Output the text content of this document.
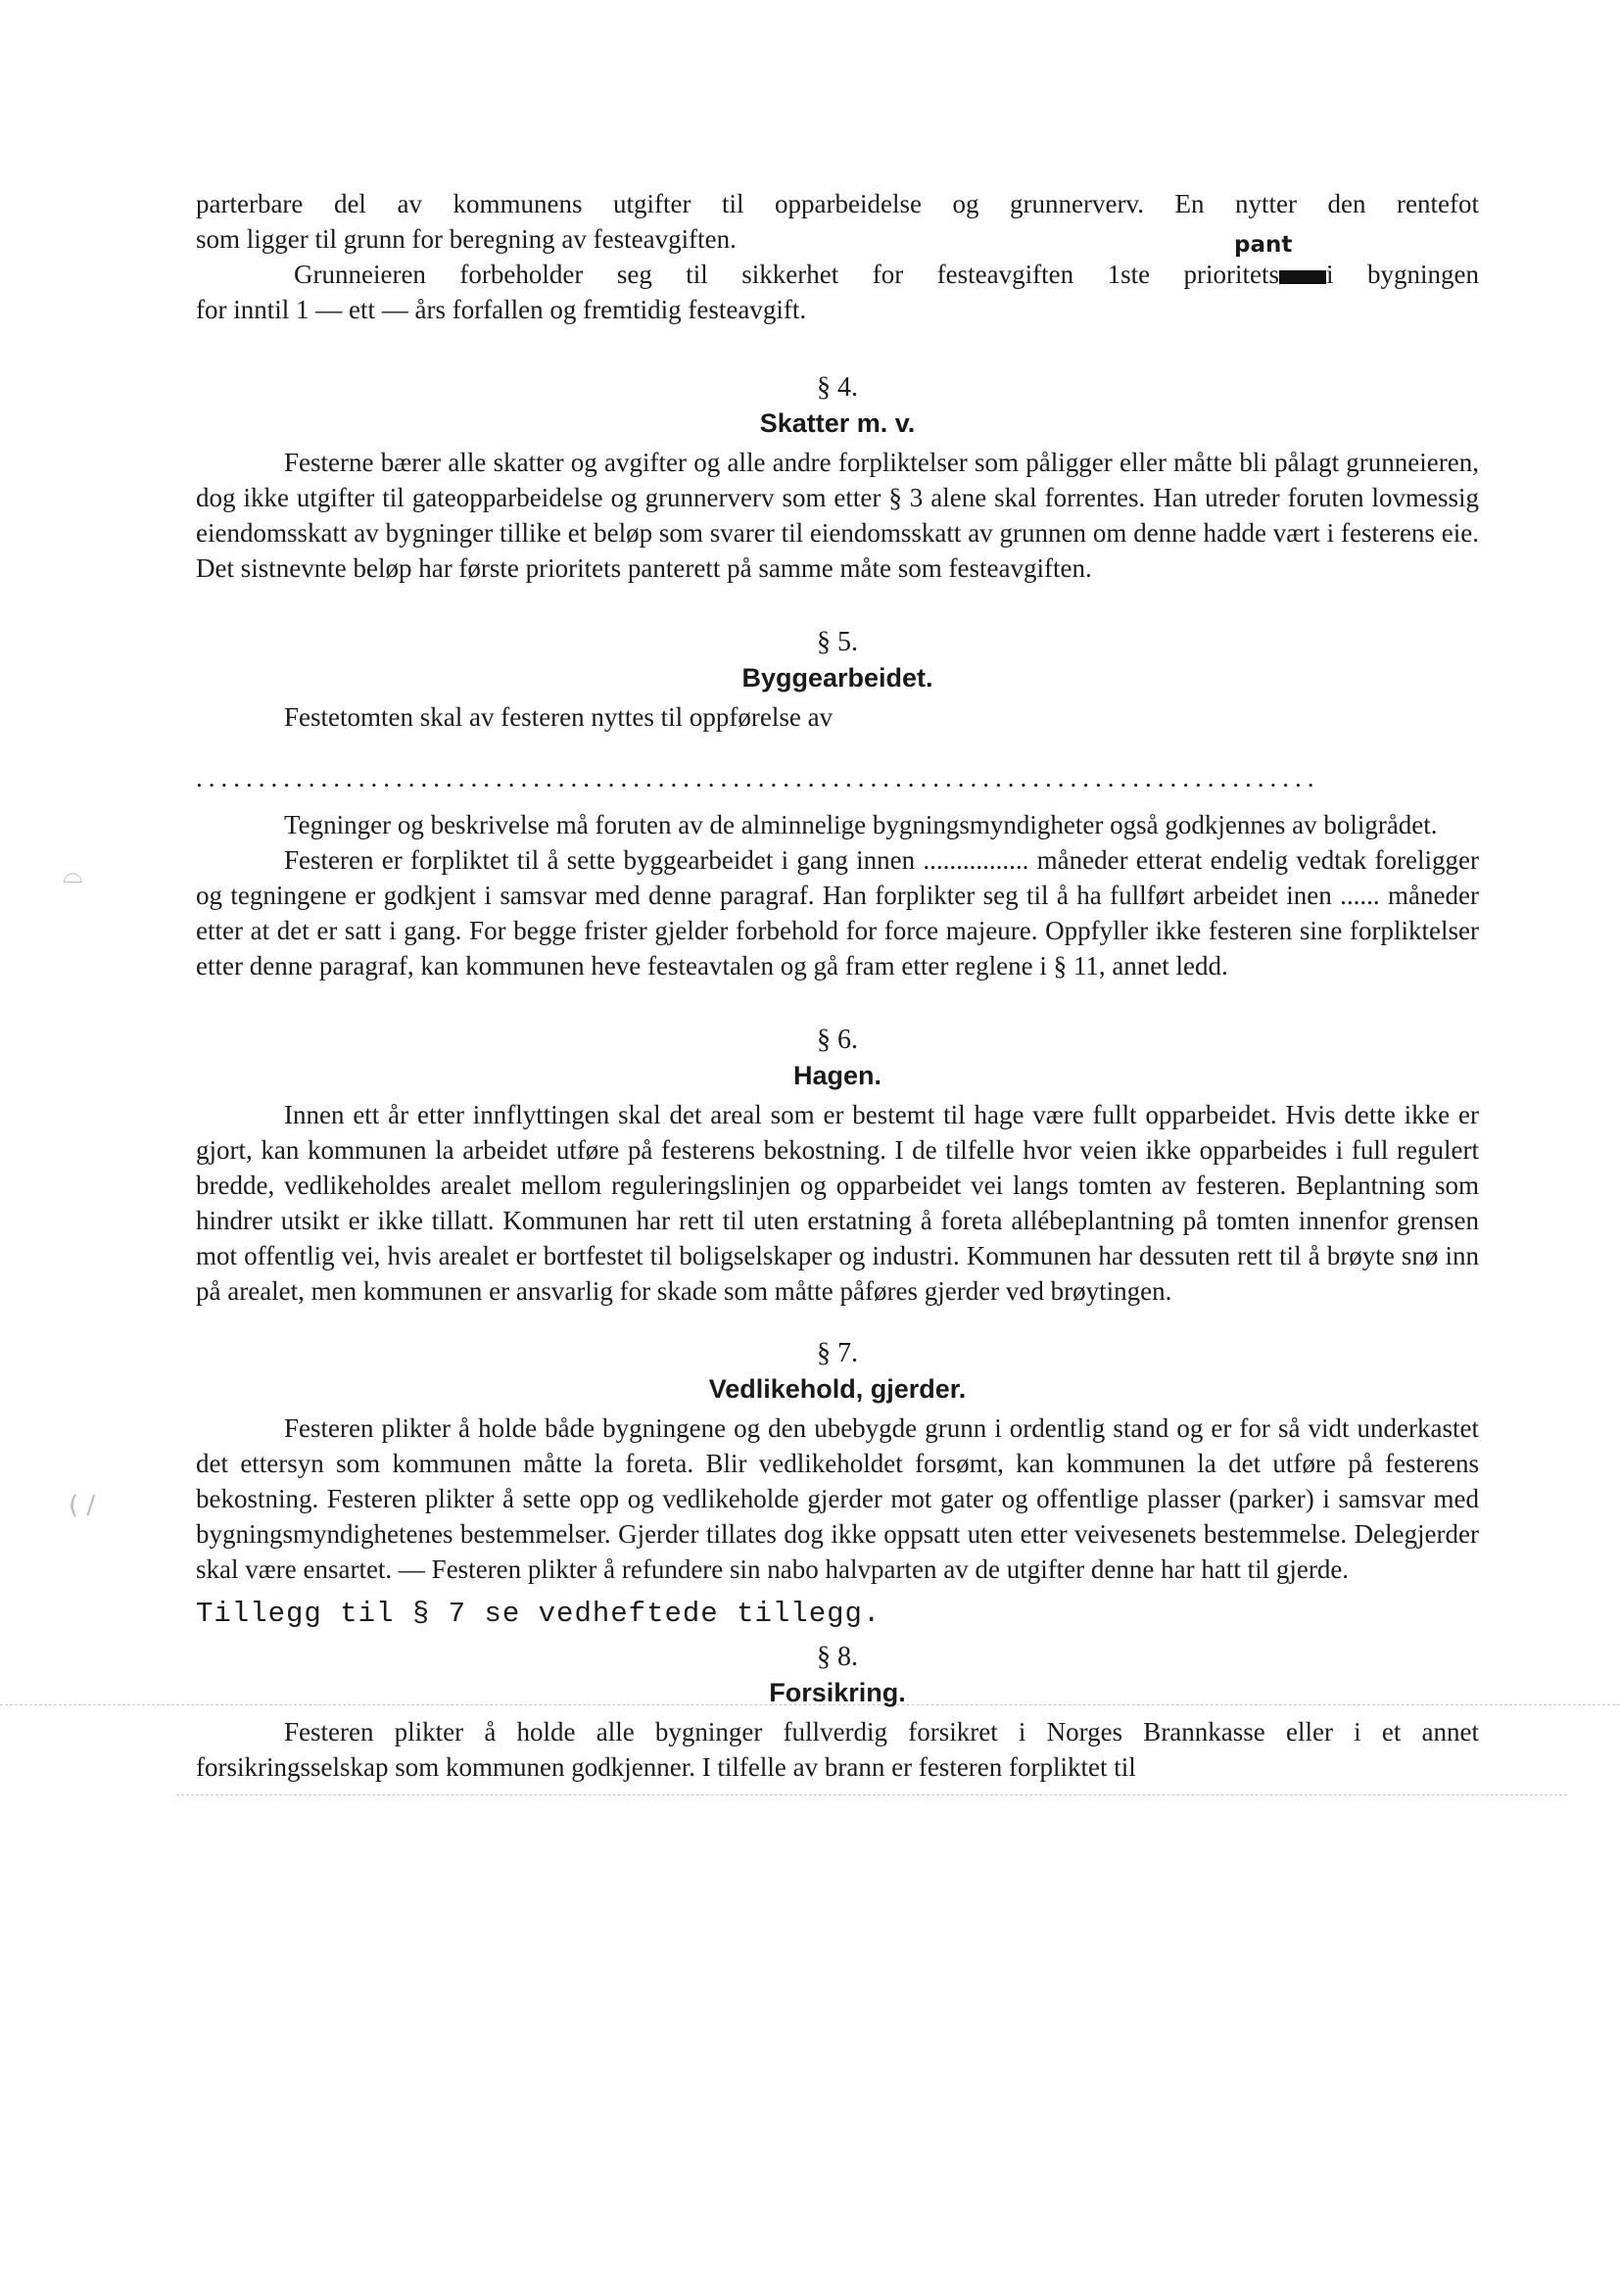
⌓
( /
parterbare del av kommunens utgifter til opparbeidelse og grunnerverv. En nytter den rentefot
som ligger til grunn for beregning av festeavgiften.
Grunneieren forbeholder seg til sikkerhet for festeavgiften 1ste prioritets i bygningen
for inntil 1 — ett — års forfallen og fremtidig festeavgift.
pant
§ 4.
Skatter m. v.

Festerne bærer alle skatter og avgifter og alle andre forpliktelser som påligger eller måtte bli pålagt grunneieren, dog ikke utgifter til gateopparbeidelse og grunnerverv som etter § 3 alene skal forrentes. Han utreder foruten lovmessig eiendomsskatt av bygninger tillike et beløp som svarer til eiendomsskatt av grunnen om denne hadde vært i festerens eie. Det sistnevnte beløp har første prioritets panterett på samme måte som festeavgiften.

§ 5.
Byggearbeidet.

Festetomten skal av festeren nyttes til oppførelse av

..........................................................................................

Tegninger og beskrivelse må foruten av de alminnelige bygningsmyndigheter også godkjennes av boligrådet.

Festeren er forpliktet til å sette byggearbeidet i gang innen ................ måneder etterat endelig vedtak foreligger og tegningene er godkjent i samsvar med denne paragraf. Han forplikter seg til å ha fullført arbeidet inen ...... måneder etter at det er satt i gang. For begge frister gjelder forbehold for force majeure. Oppfyller ikke festeren sine forpliktelser etter denne paragraf, kan kommunen heve festeavtalen og gå fram etter reglene i § 11, annet ledd.

§ 6.
Hagen.

Innen ett år etter innflyttingen skal det areal som er bestemt til hage være fullt opparbeidet. Hvis dette ikke er gjort, kan kommunen la arbeidet utføre på festerens bekostning. I de tilfelle hvor veien ikke opparbeides i full regulert bredde, vedlikeholdes arealet mellom reguleringslinjen og opparbeidet vei langs tomten av festeren. Beplantning som hindrer utsikt er ikke tillatt. Kommunen har rett til uten erstatning å foreta allébeplantning på tomten innenfor grensen mot offentlig vei, hvis arealet er bortfestet til boligselskaper og industri. Kommunen har dessuten rett til å brøyte snø inn på arealet, men kommunen er ansvarlig for skade som måtte påføres gjerder ved brøytingen.

§ 7.
Vedlikehold, gjerder.

Festeren plikter å holde både bygningene og den ubebygde grunn i ordentlig stand og er for så vidt underkastet det ettersyn som kommunen måtte la foreta. Blir vedlikeholdet forsømt, kan kommunen la det utføre på festerens bekostning. Festeren plikter å sette opp og vedlikeholde gjerder mot gater og offentlige plasser (parker) i samsvar med bygningsmyndighetenes bestemmelser. Gjerder tillates dog ikke oppsatt uten etter veivesenets bestemmelse. Delegjerder skal være ensartet. — Festeren plikter å refundere sin nabo halvparten av de utgifter denne har hatt til gjerde.

Tillegg til § 7 se vedheftede tillegg.
§ 8.
Forsikring.

Festeren plikter å holde alle bygninger fullverdig forsikret i Norges Brannkasse eller i et annet forsikringsselskap som kommunen godkjenner. I tilfelle av brann er festeren forpliktet til
